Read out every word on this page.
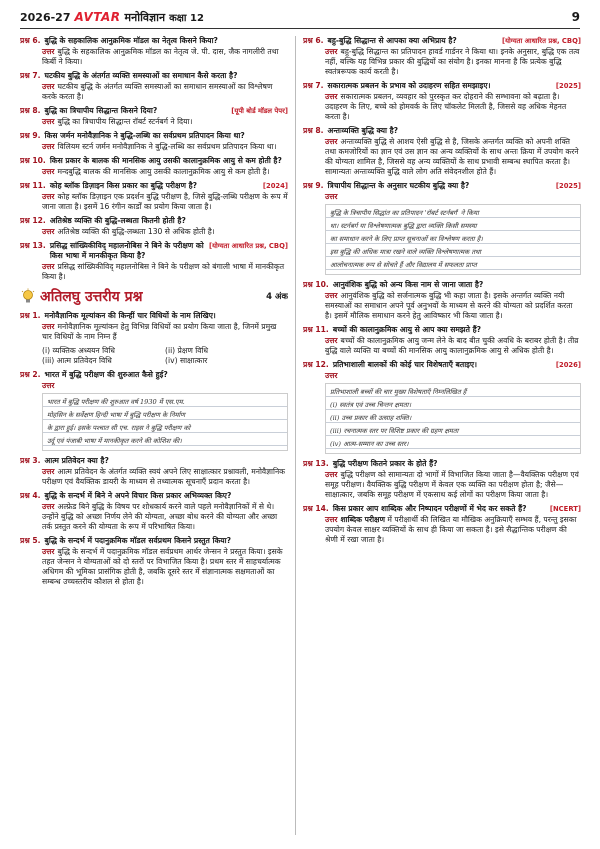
2026-27 AVTAR मनोविज्ञान कक्षा 12	9
प्रश्न 6. बुद्धि के सहकालिक आनुक्रमिक मॉडल का नेतृत्व किसने किया?
उत्तर बुद्धि के सहकालिक आनुक्रमिक मॉडल का नेतृत्व जे. पी. दास, जैक नागलीरी तथा किर्बी ने किया।
प्रश्न 7. घटकीय बुद्धि के अंतर्गत व्यक्ति समस्याओं का समाधान कैसे करता है?
उत्तर घटकीय बुद्धि के अंतर्गत व्यक्ति समस्याओं का समाधान समस्याओं का विश्लेषण करके करता है।
प्रश्न 8. बुद्धि का त्रिचापीय सिद्धान्त किसने दिया?	[यूपी बोर्ड मॉडल पेपर]
उत्तर बुद्धि का त्रिचापीय सिद्धान्त रॉबर्ट स्टर्नबर्ग ने दिया।
प्रश्न 9. किस जर्मन मनोवैज्ञानिक ने बुद्धि-लब्धि का सर्वप्रथम प्रतिपादन किया था?
उत्तर विलियम स्टर्न जर्मन मनोवैज्ञानिक ने बुद्धि-लब्धि का सर्वप्रथम प्रतिपादन किया था।
प्रश्न 10. किस प्रकार के बालक की मानसिक आयु उसकी कालानुक्रमिक आयु से कम होती है?
उत्तर मन्दबुद्धि बालक की मानसिक आयु उसकी कालानुक्रमिक आयु से कम होती है।
प्रश्न 11. कोह ब्लॉक डिज़ाइन किस प्रकार का बुद्धि परीक्षण है?	[2024]
उत्तर कोह ब्लॉक डिज़ाइन एक प्रदर्शन बुद्धि परीक्षण है, जिसे बुद्धि-लब्धि परीक्षण के रूप में जाना जाता है। इसमें 16 रंगीन कार्डों का प्रयोग किया जाता है।
प्रश्न 12. अतिश्रेष्ठ व्यक्ति की बुद्धि-लब्धता कितनी होती है?
उत्तर अतिश्रेष्ठ व्यक्ति की बुद्धि-लब्धता 130 से अधिक होती है।
प्रश्न 13. प्रसिद्ध सांख्यिकीविद् महालनोबिस ने बिने के परीक्षण को किस भाषा में मानकीकृत किया है?
[योग्यता आधारित प्रश्न, CBQ]
उत्तर प्रसिद्ध सांख्यिकीविद् महालनोबिस ने बिने के परीक्षण को बंगाली भाषा में मानकीकृत किया है।
अतिलघु उत्तरीय प्रश्न	4 अंक
प्रश्न 1. मनोवैज्ञानिक मूल्यांकन की किन्हीं चार विधियों के नाम लिखिए।
उत्तर मनोवैज्ञानिक मूल्यांकन हेतु विभिन्न विधियों का प्रयोग किया जाता है, जिनमें प्रमुख चार विधियों के नाम निम्न हैं
(i) व्यक्तिक अध्ययन विधि	(ii) प्रेक्षण विधि
(iii) आत्म प्रतिवेदन विधि	(iv) साक्षात्कार
प्रश्न 2. भारत में बुद्धि परीक्षण की शुरुआत कैसे हुई?
उत्तर
भारत में बुद्धि परीक्षण की शुरुआत वर्ष 1930 में एस.एम.
मोहसिन के सर्वेक्षण हिन्दी भाषा में बुद्धि परीक्षण के निर्माण
के द्वारा हुई। इसके पश्चात सी एच. राइस ने बुद्धि परीक्षण को
उर्दू एवं पंजाबी भाषा में मानकीकृत करने की कोशिश की।
प्रश्न 3. आत्म प्रतिवेदन क्या है?
उत्तर आत्म प्रतिवेदन के अंतर्गत व्यक्ति स्वयं अपने लिए साक्षात्कार प्रश्नावली, मनोवैज्ञानिक परीक्षण एवं वैयक्तिक डायरी के माध्यम से तथ्यात्मक सूचनाएँ प्रदान करता है।
प्रश्न 4. बुद्धि के सन्दर्भ में बिने ने अपने विचार किस प्रकार अभिव्यक्त किए?
उत्तर अल्फ्रेड बिने बुद्धि के विषय पर शोधकार्य करने वाले पहले मनोवैज्ञानिकों में से थे। उन्होंने बुद्धि को अच्छा निर्णय लेने की योग्यता, अच्छा बोध करने की योग्यता और अच्छा तर्क प्रस्तुत करने की योग्यता के रूप में परिभाषित किया।
प्रश्न 5. बुद्धि के सन्दर्भ में पदानुक्रमिक मॉडल सर्वप्रथम किसने प्रस्तुत किया?
उत्तर बुद्धि के सन्दर्भ में पदानुक्रमिक मॉडल सर्वप्रथम आर्थर जेन्सन ने प्रस्तुत किया। इसके तहत जेन्सन ने योग्यताओं को दो स्तरों पर विभाजित किया है। प्रथम स्तर में साहचर्यात्मक अधिगम की भूमिका प्रासंगिक होती है, जबकि दूसरे स्तर में संज्ञानात्मक सक्षमताओं का सम्बन्ध उच्चस्तरीय कौशल से होता है।
प्रश्न 6. बहु-बुद्धि सिद्धान्त से आपका क्या अभिप्राय है?	[योग्यता आधारित प्रश्न, CBQ]
उत्तर बहु-बुद्धि सिद्धान्त का प्रतिपादन हावर्ड गार्डनर ने किया था। इनके अनुसार, बुद्धि एक तत्व नहीं, बल्कि यह विभिन्न प्रकार की बुद्धियों का संयोग है। इनका मानना है कि प्रत्येक बुद्धि स्वतंत्ररूपक कार्य करती है।
प्रश्न 7. सकारात्मक प्रबलन के प्रभाव को उदाहरण सहित समझाइए।	[2025]
उत्तर सकारात्मक प्रबलन, व्यवहार को पुरस्कृत कर दोहराने की सम्भावना को बढ़ाता है। उदाहरण के लिए, बच्चे को होमवर्क के लिए चॉकलेट मिलती है, जिससे वह अधिक मेहनत करता है।
प्रश्न 8. अन्तःव्यक्ति बुद्धि क्या है?
उत्तर अन्तःव्यक्ति बुद्धि से आशय ऐसी बुद्धि से है, जिसके अन्तर्गत व्यक्ति को अपनी शक्ति तथा कमजोरियों का ज्ञान एवं उस ज्ञान का अन्य व्यक्तियों के साथ अन्तः क्रिया में उपयोग करने की योग्यता शामिल है, जिससे वह अन्य व्यक्तियों के साथ प्रभावी सम्बन्ध स्थापित करता है। सामान्यतः अन्तःव्यक्ति बुद्धि वाले लोग अति संवेदनशील होते हैं।
प्रश्न 9. त्रिचापीय सिद्धान्त के अनुसार घटकीय बुद्धि क्या है?	[2025]
उत्तर
बुद्धि के त्रिचापीय सिद्धांत का प्रतिपादन 'रॉबर्ट स्टर्नबर्ग' ने किया
था। स्टर्नबर्ग या विश्लेषणात्मक बुद्धि द्वारा व्यक्ति किसी समस्या
का समाधान करने के लिए प्राप्त सूचनाओं का विश्लेषण करता है।
इस बुद्धि की अधिक मात्रा रखने वाले व्यक्ति विश्लेषणात्मक तथा
आलोचनात्मक रूप से सोचते हैं और विद्यालय में सफलता प्राप्त
प्रश्न 10. आनुवंशिक बुद्धि को अन्य किस नाम से जाना जाता है?
उत्तर आनुवंशिक बुद्धि को सर्जनात्मक बुद्धि भी कहा जाता है। इसके अन्तर्गत व्यक्ति नयी समस्याओं का समाधान अपने पूर्व अनुभवों के माध्यम से करने की योग्यता को प्रदर्शित करता है। इसमें मौलिक समाधान करने हेतु आविष्कार भी किया जाता है।
प्रश्न 11. बच्चों की कालानुक्रमिक आयु से आप क्या समझते हैं?
उत्तर बच्चों की कालानुक्रमिक आयु जन्म लेने के बाद बीत चुकी अवधि के बराबर होती है। तीव्र बुद्धि वाले व्यक्ति या बच्चों की मानसिक आयु कालानुक्रमिक आयु से अधिक होती है।
प्रश्न 12. प्रतिभाशाली बालकों की कोई चार विशेषताएँ बताइए।	[2026]
उत्तर
प्रतिभाशाली बच्चों की चार मुख्य विशेषताएँ निम्नलिखित हैं
(i) स्वतंत्र एवं उच्च चिन्तन क्षमता।
(ii) उच्च प्रकार की उत्साह शक्ति।
(iii) रचनात्मक स्तर पर विशिष्ट प्रकार की ग्रहण क्षमता
(iv) आत्म-सम्मान का उच्च स्तर।
प्रश्न 13. बुद्धि परीक्षण कितने प्रकार के होते हैं?
उत्तर बुद्धि परीक्षण को सामान्यतः दो भागों में विभाजित किया जाता है—वैयक्तिक परीक्षण एवं समूह परीक्षण। वैयक्तिक बुद्धि परीक्षण में केवल एक व्यक्ति का परीक्षण होता है; जैसे—साक्षात्कार, जबकि समूह परीक्षण में एकसाथ कई लोगों का परीक्षण किया जाता है।
प्रश्न 14. किस प्रकार आप शाब्दिक और निष्पादन परीक्षणों में भेद कर सकते हैं?	[NCERT]
उत्तर शाब्दिक परीक्षण में परीक्षार्थी की लिखित या मौखिक अनुक्रियाएँ सम्भव हैं, परन्तु इसका उपयोग केवल साक्षर व्यक्तियों के साथ ही किया जा सकता है। इसे सैद्धान्तिक परीक्षण की श्रेणी में रखा जाता है।
